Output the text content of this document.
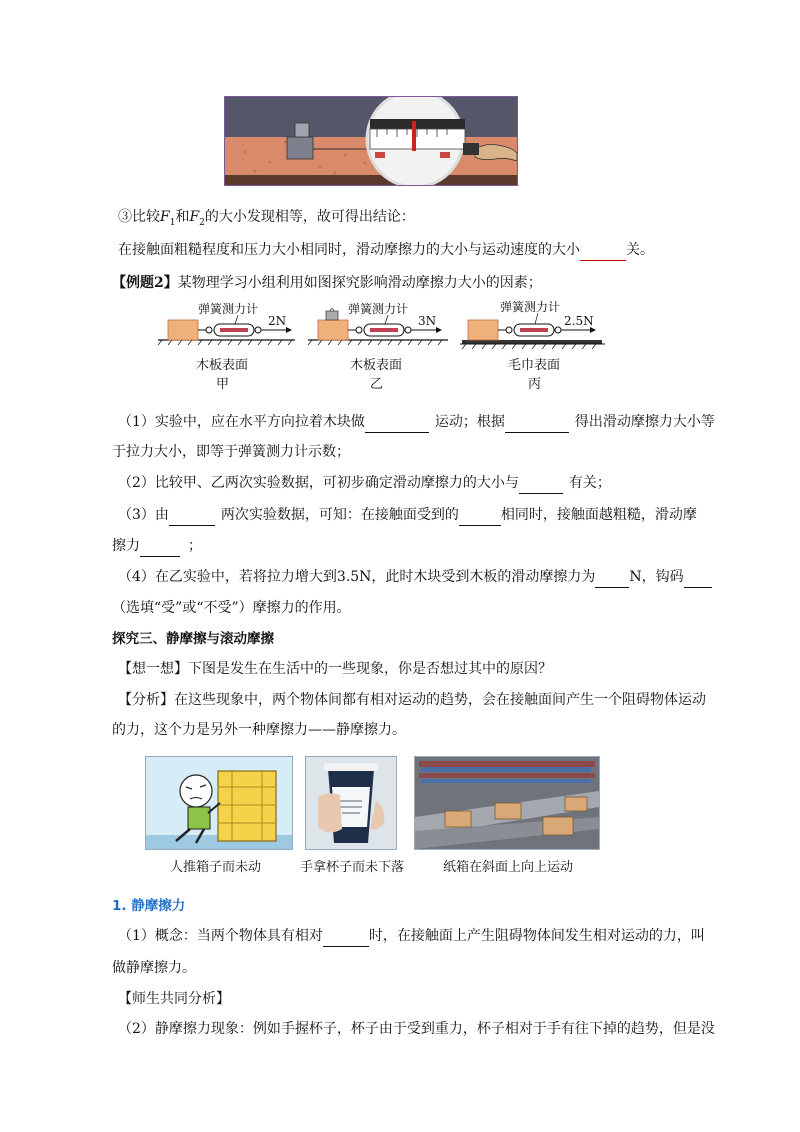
③比较$F_1$和$F_2$的大小发现相等，故可得出结论：
在接触面粗糙程度和压力大小相同时，滑动摩擦力的大小与运动速度的大小	关。
【例题2】某物理学习小组利用如图探究影响滑动摩擦力大小的因素；
弹簧测力计
2N
木板表面
甲
弹簧测力计
3N
木板表面
乙
弹簧测力计
2.5N
毛巾表面
丙
（1）实验中，应在水平方向拉着木块做	运动；根据	得出滑动摩擦力大小等
于拉力大小，即等于弹簧测力计示数；
（2）比较甲、乙两次实验数据，可初步确定滑动摩擦力的大小与	有关；
（3）由	两次实验数据，可知：在接触面受到的	相同时，接触面越粗糙，滑动摩
擦力	；
（4）在乙实验中，若将拉力增大到3.5N，此时木块受到木板的滑动摩擦力为 N，钩码
（选填“受”或“不受”）摩擦力的作用。
探究三、静摩擦与滚动摩擦
【想一想】下图是发生在生活中的一些现象，你是否想过其中的原因？
【分析】在这些现象中，两个物体间都有相对运动的趋势，会在接触面间产生一个阻碍物体运动
的力，这个力是另外一种摩擦力——静摩擦力。
人推箱子而未动	手拿杯子而未下落	纸箱在斜面上向上运动
1. 静摩擦力
（1）概念：当两个物体具有相对	时，在接触面上产生阻碍物体间发生相对运动的力，叫
做静摩擦力。
【师生共同分析】
（2）静摩擦力现象：例如手握杯子，杯子由于受到重力，杯子相对于手有往下掉的趋势，但是没
